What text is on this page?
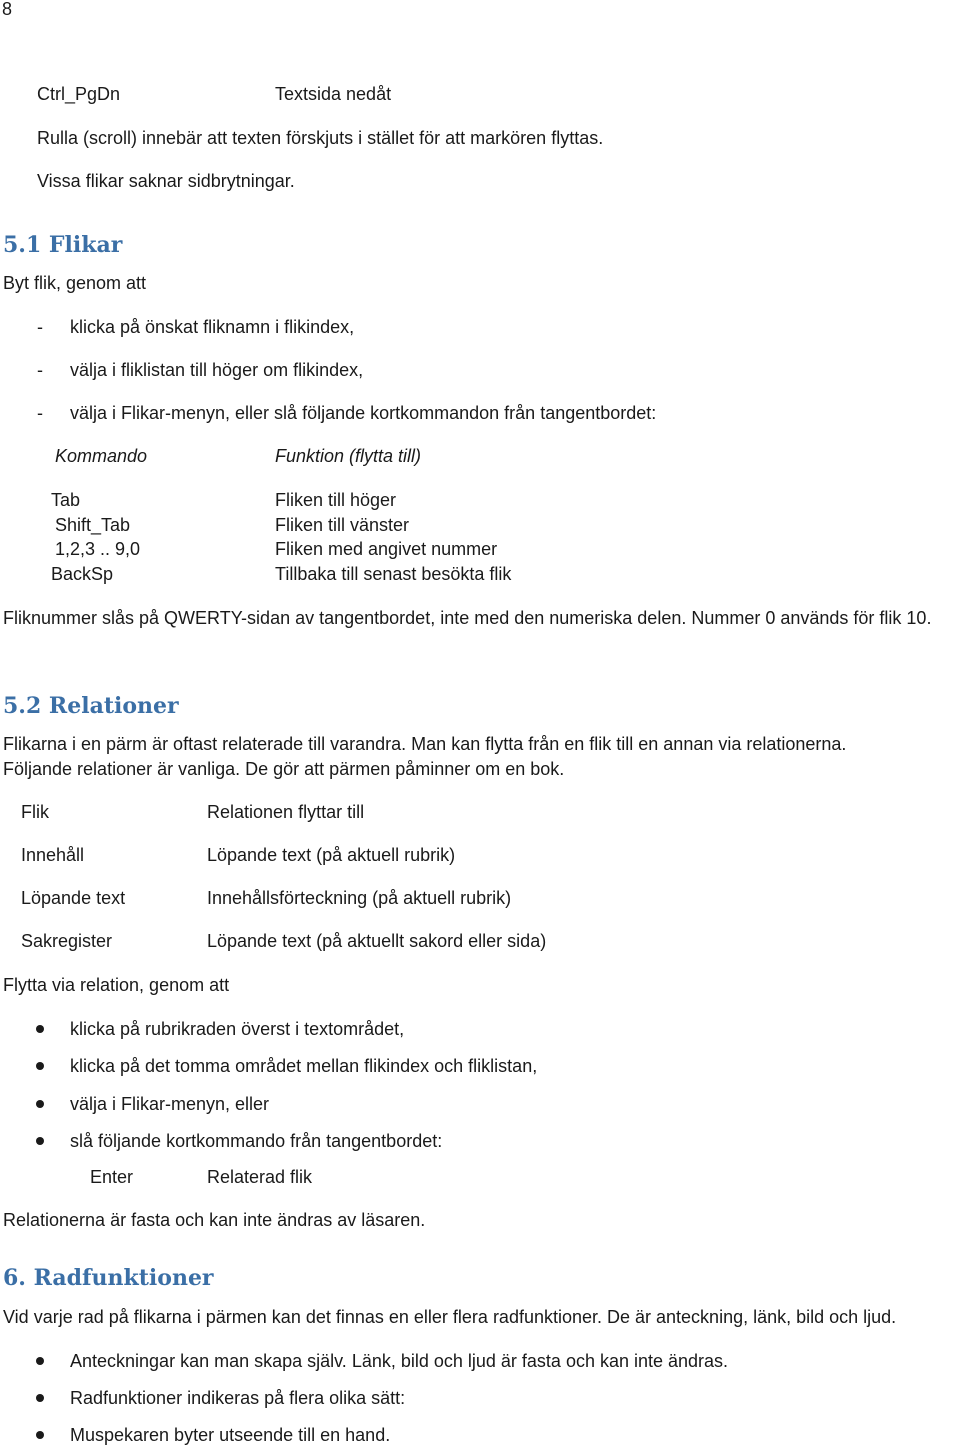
8
Ctrl_PgDn	Textsida nedåt
Rulla (scroll) innebär att texten förskjuts i stället för att markören flyttas.
Vissa flikar saknar sidbrytningar.
5.1 Flikar
Byt flik, genom att
- klicka på önskat fliknamn i flikindex,
- välja i fliklistan till höger om flikindex,
- välja i Flikar-menyn, eller slå följande kortkommandon från tangentbordet:
Kommando	Funktion (flytta till)
Tab	Fliken till höger
Shift_Tab	Fliken till vänster
1,2,3 .. 9,0	Fliken med angivet nummer
BackSp	Tillbaka till senast besökta flik
Fliknummer slås på QWERTY-sidan av tangentbordet, inte med den numeriska delen. Nummer 0 används för flik 10.
5.2 Relationer
Flikarna i en pärm är oftast relaterade till varandra. Man kan flytta från en flik till en annan via relationerna.
Följande relationer är vanliga. De gör att pärmen påminner om en bok.
Flik	Relationen flyttar till
Innehåll	Löpande text (på aktuell rubrik)
Löpande text	Innehållsförteckning (på aktuell rubrik)
Sakregister	Löpande text (på aktuellt sakord eller sida)
Flytta via relation, genom att
klicka på rubrikraden överst i textområdet,
klicka på det tomma området mellan flikindex och fliklistan,
välja i Flikar-menyn, eller
slå följande kortkommando från tangentbordet:
Enter	Relaterad flik
Relationerna är fasta och kan inte ändras av läsaren.
6. Radfunktioner
Vid varje rad på flikarna i pärmen kan det finnas en eller flera radfunktioner. De är anteckning, länk, bild och ljud.
Anteckningar kan man skapa själv. Länk, bild och ljud är fasta och kan inte ändras.
Radfunktioner indikeras på flera olika sätt:
Muspekaren byter utseende till en hand.
